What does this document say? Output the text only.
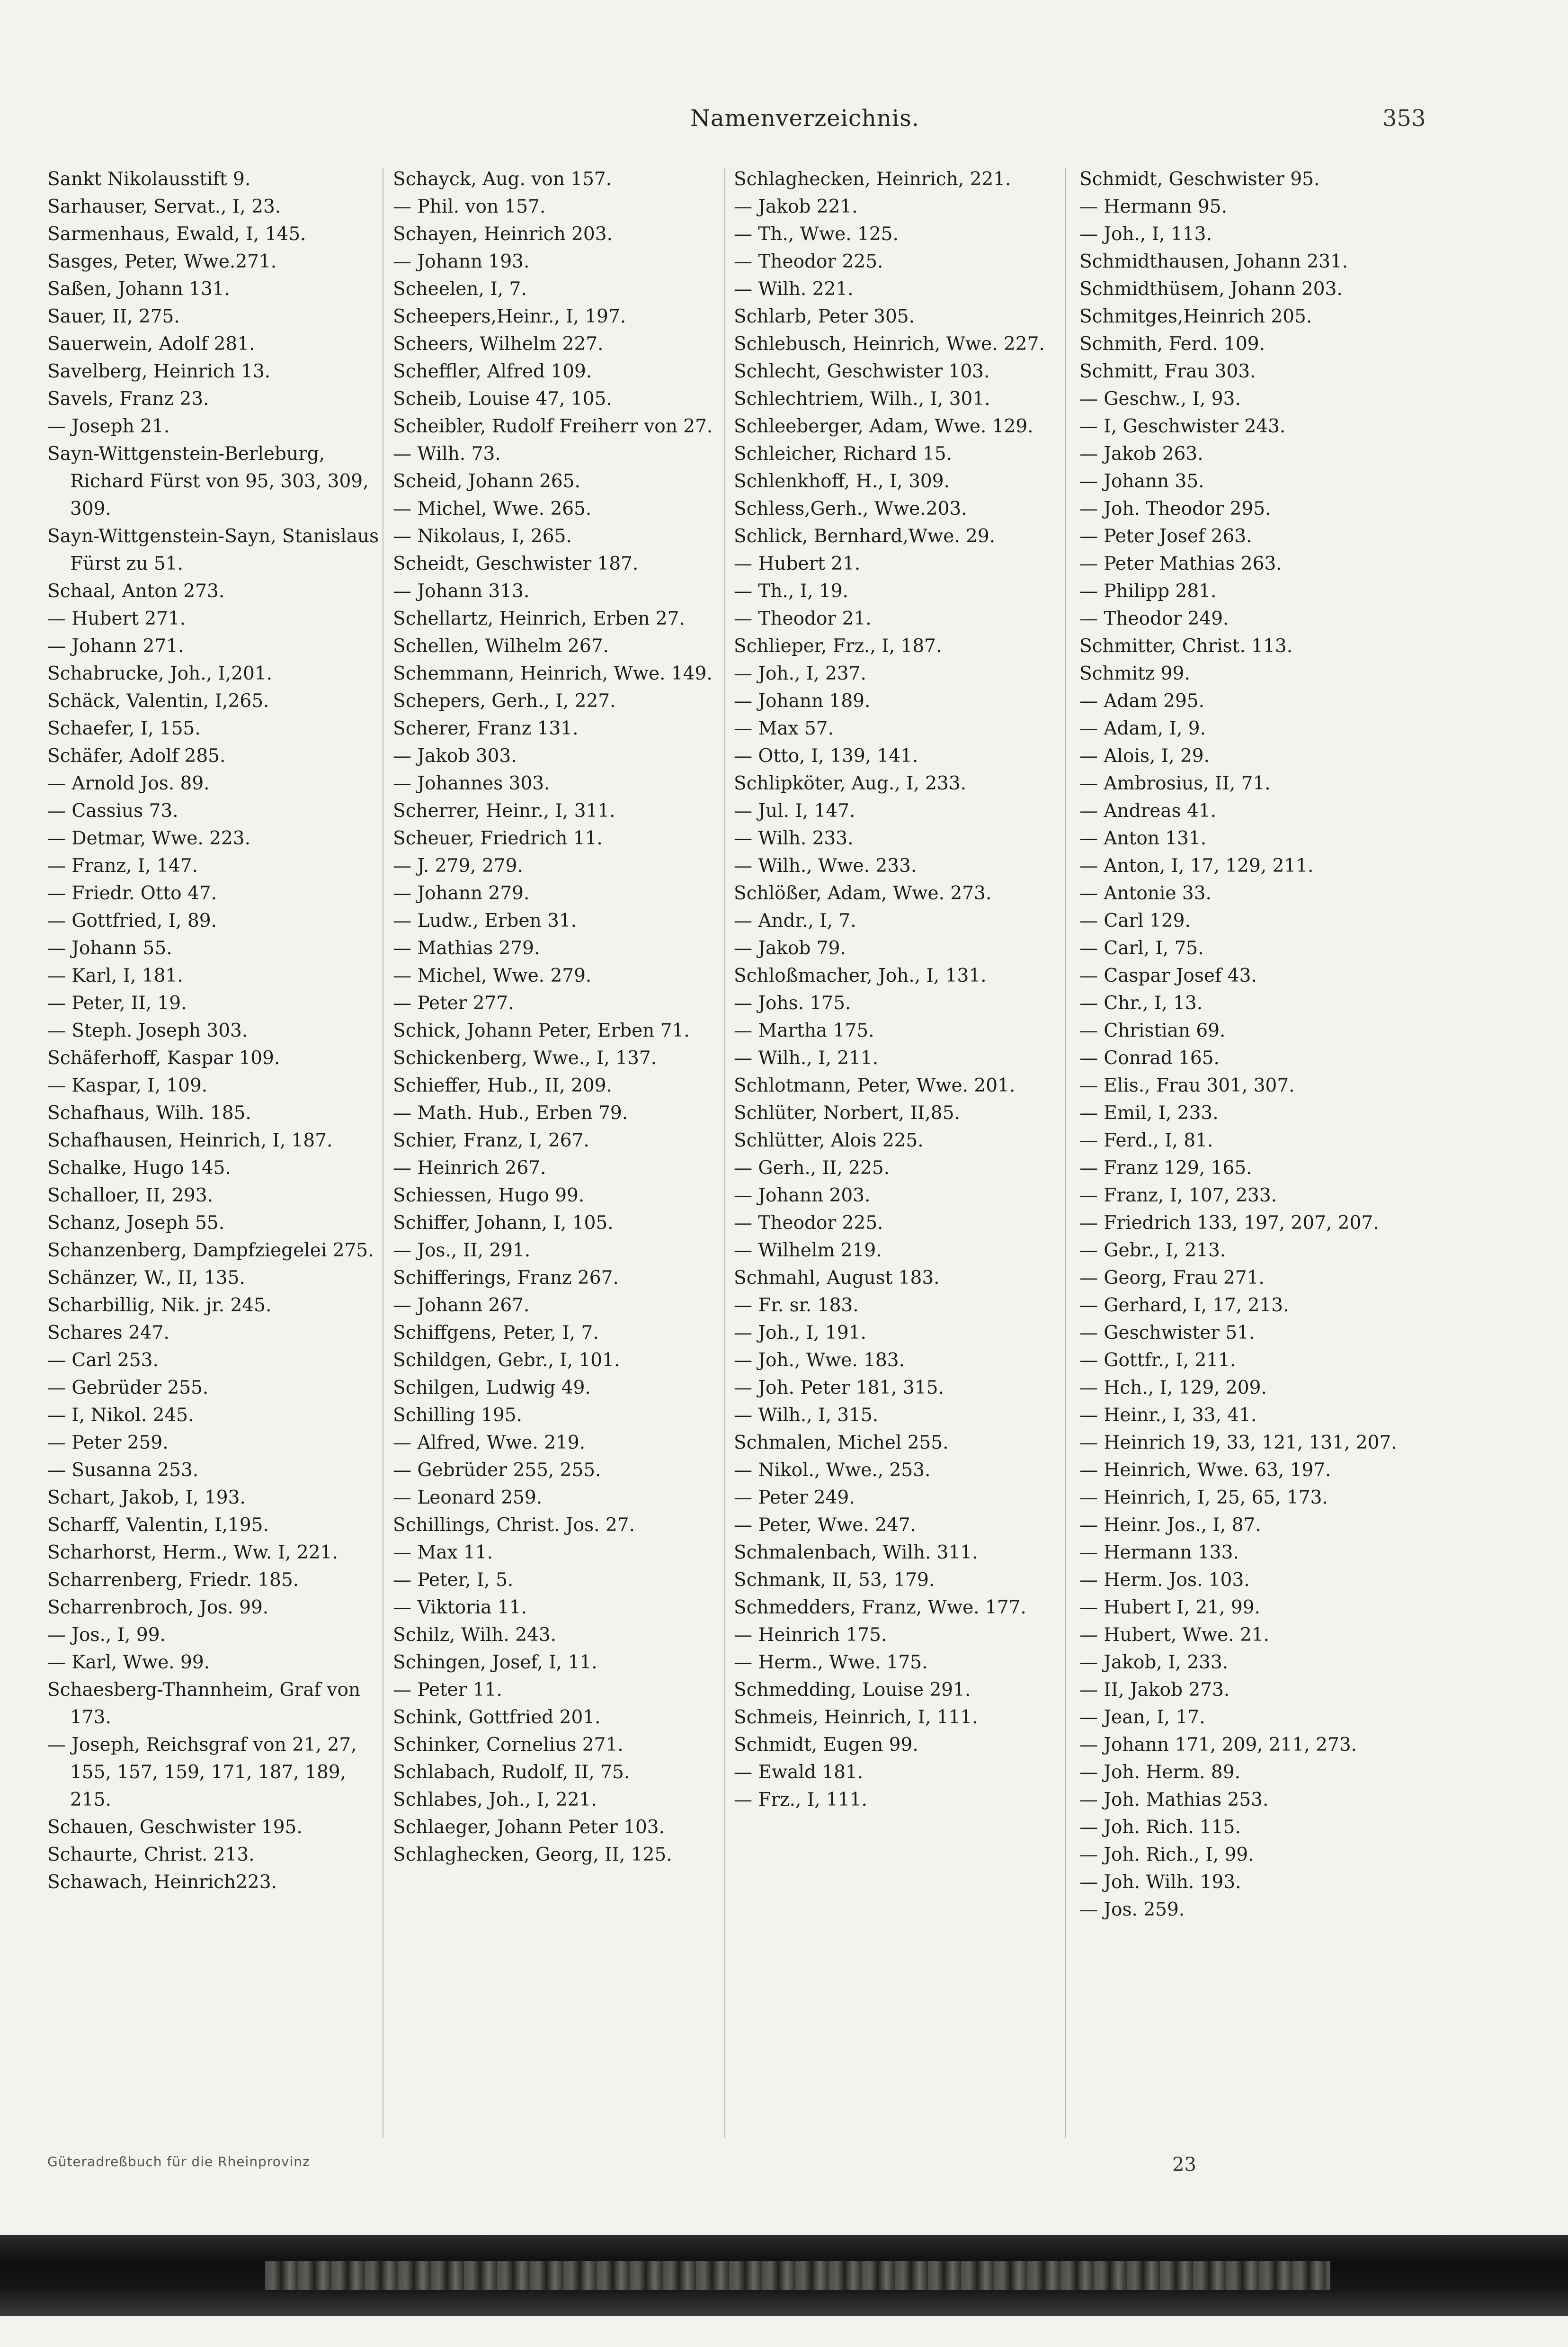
Namenverzeichnis.	353

Sankt Nikolausstift 9.

Sarhauser, Servat., I, 23.

Sarmenhaus, Ewald, I, 145.

Sasges, Peter, Wwe.271.

Saßen, Johann 131.

Sauer, II, 275.

Sauerwein, Adolf 281.

Savelberg, Heinrich 13.

Savels, Franz 23.

— Joseph 21.

Sayn-Wittgenstein-Berleburg, Richard Fürst von 95, 303, 309, 309.

Sayn-Wittgenstein-Sayn, Stanislaus Fürst zu 51.

Schaal, Anton 273.

— Hubert 271.

— Johann 271.

Schabrucke, Joh., I,201.

Schäck, Valentin, I,265.

Schaefer, I, 155.

Schäfer, Adolf 285.

— Arnold Jos. 89.

— Cassius 73.

— Detmar, Wwe. 223.

— Franz, I, 147.

— Friedr. Otto 47.

— Gottfried, I, 89.

— Johann 55.

— Karl, I, 181.

— Peter, II, 19.

— Steph. Joseph 303.

Schäferhoff, Kaspar 109.

— Kaspar, I, 109.

Schafhaus, Wilh. 185.

Schafhausen, Heinrich, I, 187.

Schalke, Hugo 145.

Schalloer, II, 293.

Schanz, Joseph 55.

Schanzenberg, Dampfziegelei 275.

Schänzer, W., II, 135.

Scharbillig, Nik. jr. 245.

Schares 247.

— Carl 253.

— Gebrüder 255.

— I, Nikol. 245.

— Peter 259.

— Susanna 253.

Schart, Jakob, I, 193.

Scharff, Valentin, I,195.

Scharhorst, Herm., Ww. I, 221.

Scharrenberg, Friedr. 185.

Scharrenbroch, Jos. 99.

— Jos., I, 99.

— Karl, Wwe. 99.

Schaesberg-Thannheim, Graf von 173.

— Joseph, Reichsgraf von 21, 27, 155, 157, 159, 171, 187, 189, 215.

Schauen, Geschwister 195.

Schaurte, Christ. 213.

Schawach, Heinrich223.

Schayck, Aug. von 157.

— Phil. von 157.

Schayen, Heinrich 203.

— Johann 193.

Scheelen, I, 7.

Scheepers,Heinr., I, 197.

Scheers, Wilhelm 227.

Scheffler, Alfred 109.

Scheib, Louise 47, 105.

Scheibler, Rudolf Freiherr von 27.

— Wilh. 73.

Scheid, Johann 265.

— Michel, Wwe. 265.

— Nikolaus, I, 265.

Scheidt, Geschwister 187.

— Johann 313.

Schellartz, Heinrich, Erben 27.

Schellen, Wilhelm 267.

Schemmann, Heinrich, Wwe. 149.

Schepers, Gerh., I, 227.

Scherer, Franz 131.

— Jakob 303.

— Johannes 303.

Scherrer, Heinr., I, 311.

Scheuer, Friedrich 11.

— J. 279, 279.

— Johann 279.

— Ludw., Erben 31.

— Mathias 279.

— Michel, Wwe. 279.

— Peter 277.

Schick, Johann Peter, Erben 71.

Schickenberg, Wwe., I, 137.

Schieffer, Hub., II, 209.

— Math. Hub., Erben 79.

Schier, Franz, I, 267.

— Heinrich 267.

Schiessen, Hugo 99.

Schiffer, Johann, I, 105.

— Jos., II, 291.

Schifferings, Franz 267.

— Johann 267.

Schiffgens, Peter, I, 7.

Schildgen, Gebr., I, 101.

Schilgen, Ludwig 49.

Schilling 195.

— Alfred, Wwe. 219.

— Gebrüder 255, 255.

— Leonard 259.

Schillings, Christ. Jos. 27.

— Max 11.

— Peter, I, 5.

— Viktoria 11.

Schilz, Wilh. 243.

Schingen, Josef, I, 11.

— Peter 11.

Schink, Gottfried 201.

Schinker, Cornelius 271.

Schlabach, Rudolf, II, 75.

Schlabes, Joh., I, 221.

Schlaeger, Johann Peter 103.

Schlaghecken, Georg, II, 125.

Schlaghecken, Heinrich, 221.

— Jakob 221.

— Th., Wwe. 125.

— Theodor 225.

— Wilh. 221.

Schlarb, Peter 305.

Schlebusch, Heinrich, Wwe. 227.

Schlecht, Geschwister 103.

Schlechtriem, Wilh., I, 301.

Schleeberger, Adam, Wwe. 129.

Schleicher, Richard 15.

Schlenkhoff, H., I, 309.

Schless,Gerh., Wwe.203.

Schlick, Bernhard,Wwe. 29.

— Hubert 21.

— Th., I, 19.

— Theodor 21.

Schlieper, Frz., I, 187.

— Joh., I, 237.

— Johann 189.

— Max 57.

— Otto, I, 139, 141.

Schlipköter, Aug., I, 233.

— Jul. I, 147.

— Wilh. 233.

— Wilh., Wwe. 233.

Schlößer, Adam, Wwe. 273.

— Andr., I, 7.

— Jakob 79.

Schloßmacher, Joh., I, 131.

— Johs. 175.

— Martha 175.

— Wilh., I, 211.

Schlotmann, Peter, Wwe. 201.

Schlüter, Norbert, II,85.

Schlütter, Alois 225.

— Gerh., II, 225.

— Johann 203.

— Theodor 225.

— Wilhelm 219.

Schmahl, August 183.

— Fr. sr. 183.

— Joh., I, 191.

— Joh., Wwe. 183.

— Joh. Peter 181, 315.

— Wilh., I, 315.

Schmalen, Michel 255.

— Nikol., Wwe., 253.

— Peter 249.

— Peter, Wwe. 247.

Schmalenbach, Wilh. 311.

Schmank, II, 53, 179.

Schmedders, Franz, Wwe. 177.

— Heinrich 175.

— Herm., Wwe. 175.

Schmedding, Louise 291.

Schmeis, Heinrich, I, 111.

Schmidt, Eugen 99.

— Ewald 181.

— Frz., I, 111.

Schmidt, Geschwister 95.

— Hermann 95.

— Joh., I, 113.

Schmidthausen, Johann 231.

Schmidthüsem, Johann 203.

Schmitges,Heinrich 205.

Schmith, Ferd. 109.

Schmitt, Frau 303.

— Geschw., I, 93.

— I, Geschwister 243.

— Jakob 263.

— Johann 35.

— Joh. Theodor 295.

— Peter Josef 263.

— Peter Mathias 263.

— Philipp 281.

— Theodor 249.

Schmitter, Christ. 113.

Schmitz 99.

— Adam 295.

— Adam, I, 9.

— Alois, I, 29.

— Ambrosius, II, 71.

— Andreas 41.

— Anton 131.

— Anton, I, 17, 129, 211.

— Antonie 33.

— Carl 129.

— Carl, I, 75.

— Caspar Josef 43.

— Chr., I, 13.

— Christian 69.

— Conrad 165.

— Elis., Frau 301, 307.

— Emil, I, 233.

— Ferd., I, 81.

— Franz 129, 165.

— Franz, I, 107, 233.

— Friedrich 133, 197, 207, 207.

— Gebr., I, 213.

— Georg, Frau 271.

— Gerhard, I, 17, 213.

— Geschwister 51.

— Gottfr., I, 211.

— Hch., I, 129, 209.

— Heinr., I, 33, 41.

— Heinrich 19, 33, 121, 131, 207.

— Heinrich, Wwe. 63, 197.

— Heinrich, I, 25, 65, 173.

— Heinr. Jos., I, 87.

— Hermann 133.

— Herm. Jos. 103.

— Hubert I, 21, 99.

— Hubert, Wwe. 21.

— Jakob, I, 233.

— II, Jakob 273.

— Jean, I, 17.

— Johann 171, 209, 211, 273.

— Joh. Herm. 89.

— Joh. Mathias 253.

— Joh. Rich. 115.

— Joh. Rich., I, 99.

— Joh. Wilh. 193.

— Jos. 259.

Güteradreßbuch für die Rheinprovinz	23
